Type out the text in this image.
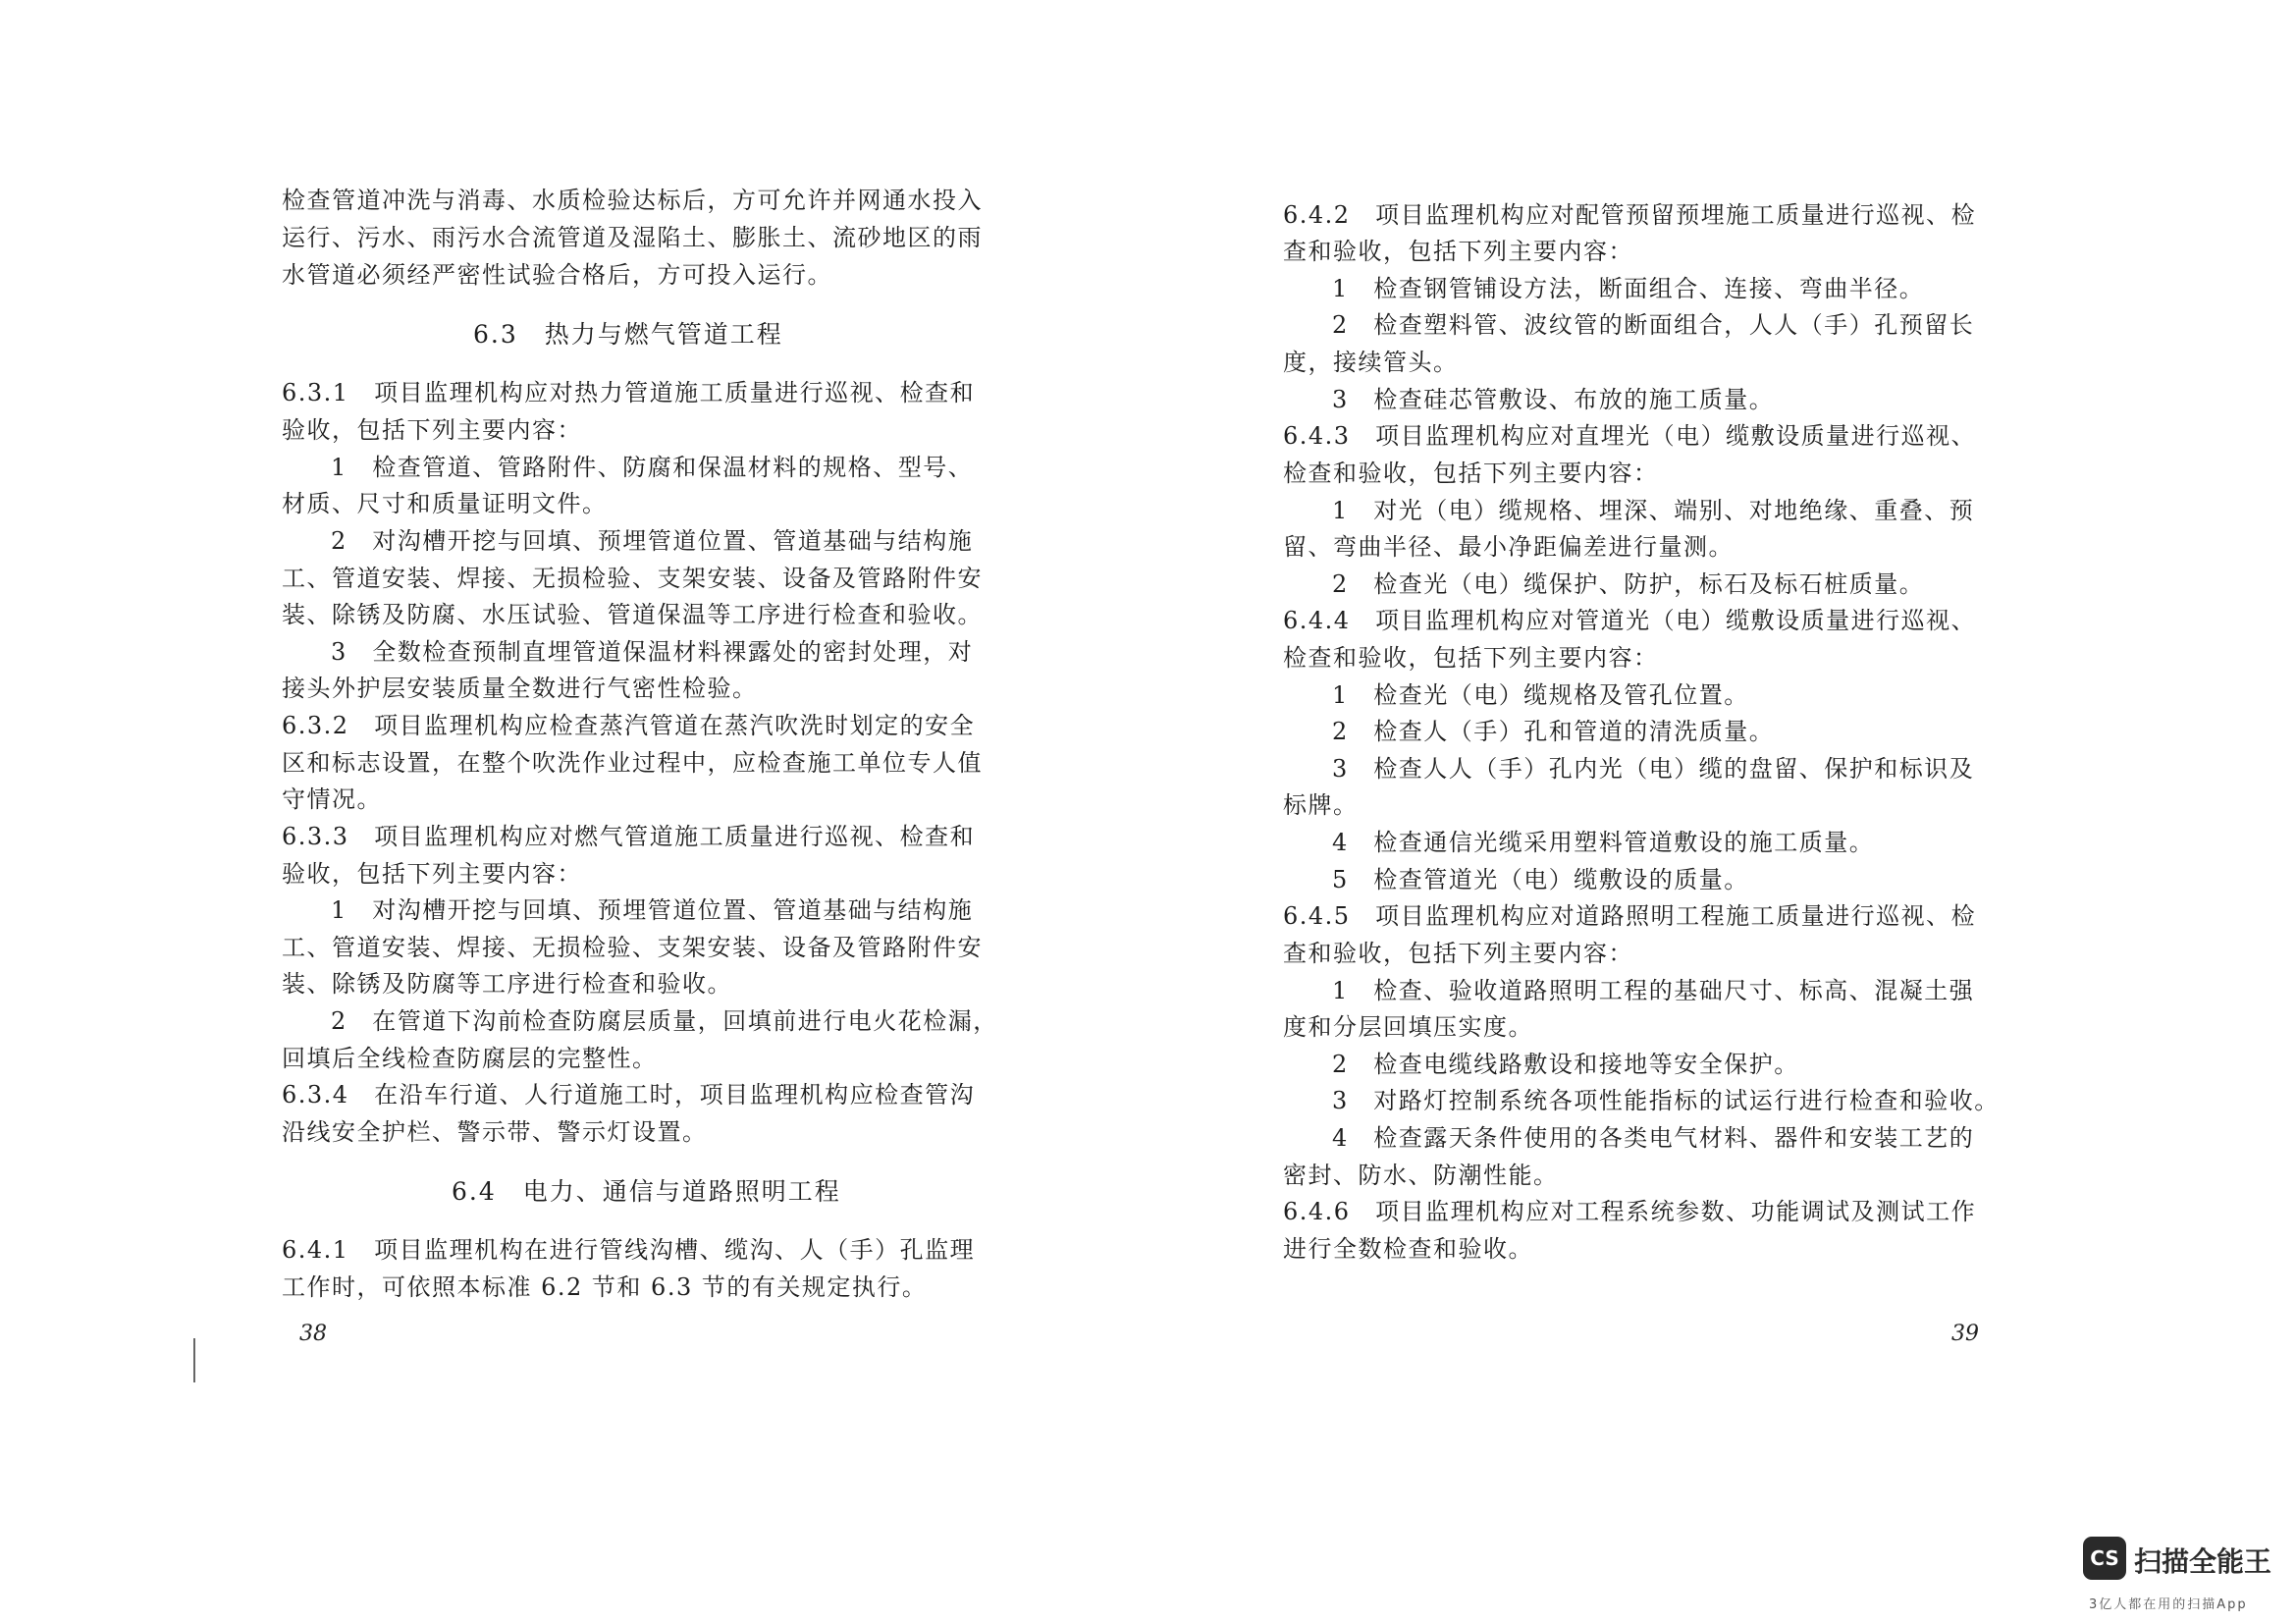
检查管道冲洗与消毒、水质检验达标后，方可允许并网通水投入
运行、污水、雨污水合流管道及湿陷土、膨胀土、流砂地区的雨
水管道必须经严密性试验合格后，方可投入运行。
6.3　热力与燃气管道工程
6.3.1　项目监理机构应对热力管道施工质量进行巡视、检查和
验收，包括下列主要内容：
1　检查管道、管路附件、防腐和保温材料的规格、型号、
材质、尺寸和质量证明文件。
2　对沟槽开挖与回填、预埋管道位置、管道基础与结构施
工、管道安装、焊接、无损检验、支架安装、设备及管路附件安
装、除锈及防腐、水压试验、管道保温等工序进行检查和验收。
3　全数检查预制直埋管道保温材料裸露处的密封处理，对
接头外护层安装质量全数进行气密性检验。
6.3.2　项目监理机构应检查蒸汽管道在蒸汽吹洗时划定的安全
区和标志设置，在整个吹洗作业过程中，应检查施工单位专人值
守情况。
6.3.3　项目监理机构应对燃气管道施工质量进行巡视、检查和
验收，包括下列主要内容：
1　对沟槽开挖与回填、预埋管道位置、管道基础与结构施
工、管道安装、焊接、无损检验、支架安装、设备及管路附件安
装、除锈及防腐等工序进行检查和验收。
2　在管道下沟前检查防腐层质量，回填前进行电火花检漏，
回填后全线检查防腐层的完整性。
6.3.4　在沿车行道、人行道施工时，项目监理机构应检查管沟
沿线安全护栏、警示带、警示灯设置。
6.4　电力、通信与道路照明工程
6.4.1　项目监理机构在进行管线沟槽、缆沟、人（手）孔监理
工作时，可依照本标准 6.2 节和 6.3 节的有关规定执行。
38
6.4.2　项目监理机构应对配管预留预埋施工质量进行巡视、检
查和验收，包括下列主要内容：
1　检查钢管铺设方法，断面组合、连接、弯曲半径。
2　检查塑料管、波纹管的断面组合，人人（手）孔预留长
度，接续管头。
3　检查硅芯管敷设、布放的施工质量。
6.4.3　项目监理机构应对直埋光（电）缆敷设质量进行巡视、
检查和验收，包括下列主要内容：
1　对光（电）缆规格、埋深、端别、对地绝缘、重叠、预
留、弯曲半径、最小净距偏差进行量测。
2　检查光（电）缆保护、防护，标石及标石桩质量。
6.4.4　项目监理机构应对管道光（电）缆敷设质量进行巡视、
检查和验收，包括下列主要内容：
1　检查光（电）缆规格及管孔位置。
2　检查人（手）孔和管道的清洗质量。
3　检查人人（手）孔内光（电）缆的盘留、保护和标识及
标牌。
4　检查通信光缆采用塑料管道敷设的施工质量。
5　检查管道光（电）缆敷设的质量。
6.4.5　项目监理机构应对道路照明工程施工质量进行巡视、检
查和验收，包括下列主要内容：
1　检查、验收道路照明工程的基础尺寸、标高、混凝土强
度和分层回填压实度。
2　检查电缆线路敷设和接地等安全保护。
3　对路灯控制系统各项性能指标的试运行进行检查和验收。
4　检查露天条件使用的各类电气材料、器件和安装工艺的
密封、防水、防潮性能。
6.4.6　项目监理机构应对工程系统参数、功能调试及测试工作
进行全数检查和验收。
39
CS 扫描全能王
3亿人都在用的扫描App
